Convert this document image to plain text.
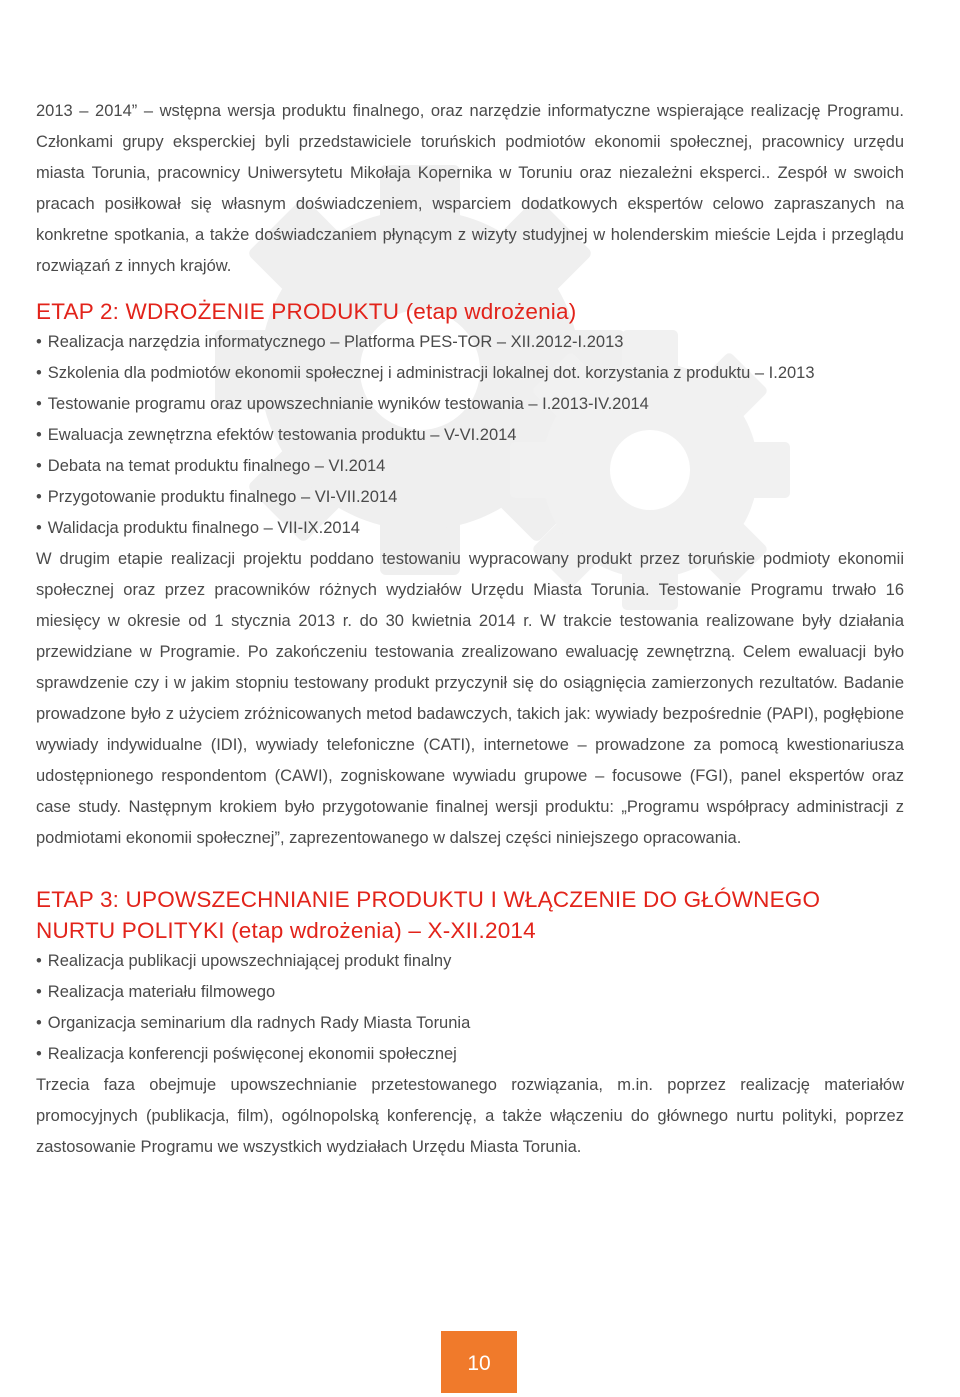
2013 – 2014” – wstępna wersja produktu finalnego, oraz narzędzie informatyczne wspierające realizację Programu. Członkami grupy eksperckiej byli przedstawiciele toruńskich podmiotów ekonomii społecznej, pracownicy urzędu miasta Torunia, pracownicy Uniwersytetu Mikołaja Kopernika w Toruniu oraz niezależni eksperci.. Zespół w swoich pracach posiłkował się własnym doświadczeniem, wsparciem dodatkowych ekspertów celowo zapraszanych na konkretne spotkania, a także doświadczaniem płynącym z wizyty studyjnej w holenderskim mieście Lejda i przeglądu rozwiązań z innych krajów.

ETAP 2: WDROŻENIE PRODUKTU (etap wdrożenia)
• Realizacja narzędzia informatycznego – Platforma PES-TOR – XII.2012-I.2013
• Szkolenia dla podmiotów ekonomii społecznej i administracji lokalnej dot. korzystania z produktu – I.2013
• Testowanie programu oraz upowszechnianie wyników testowania – I.2013-IV.2014
• Ewaluacja zewnętrzna efektów testowania produktu – V-VI.2014
• Debata na temat produktu finalnego – VI.2014
• Przygotowanie produktu finalnego – VI-VII.2014
• Walidacja produktu finalnego – VII-IX.2014

W drugim etapie realizacji projektu poddano testowaniu wypracowany produkt przez toruńskie podmioty ekonomii społecznej oraz przez pracowników różnych wydziałów Urzędu Miasta Torunia. Testowanie Programu trwało 16 miesięcy w okresie od 1 stycznia 2013 r. do 30 kwietnia 2014 r. W trakcie testowania realizowane były działania przewidziane w Programie. Po zakończeniu testowania zrealizowano ewaluację zewnętrzną. Celem ewaluacji było sprawdzenie czy i w jakim stopniu testowany produkt przyczynił się do osiągnięcia zamierzonych rezultatów. Badanie prowadzone było z użyciem zróżnicowanych metod badawczych, takich jak: wywiady bezpośrednie (PAPI), pogłębione wywiady indywidualne (IDI), wywiady telefoniczne (CATI), internetowe – prowadzone za pomocą kwestionariusza udostępnionego respondentom (CAWI), zogniskowane wywiadu grupowe – focusowe (FGI), panel ekspertów oraz case study. Następnym krokiem było przygotowanie finalnej wersji produktu: „Programu współpracy administracji z podmiotami ekonomii społecznej”, zaprezentowanego w dalszej części niniejszego opracowania.

ETAP 3: UPOWSZECHNIANIE PRODUKTU I WŁĄCZENIE DO GŁÓWNEGO NURTU POLITYKI (etap wdrożenia) – X-XII.2014
• Realizacja publikacji upowszechniającej produkt finalny
• Realizacja materiału filmowego
• Organizacja seminarium dla radnych Rady Miasta Torunia
• Realizacja konferencji poświęconej ekonomii społecznej

Trzecia faza obejmuje upowszechnianie przetestowanego rozwiązania, m.in. poprzez realizację materiałów promocyjnych (publikacja, film), ogólnopolską konferencję, a także włączeniu do głównego nurtu polityki, poprzez zastosowanie Programu we wszystkich wydziałach Urzędu Miasta Torunia.

10
